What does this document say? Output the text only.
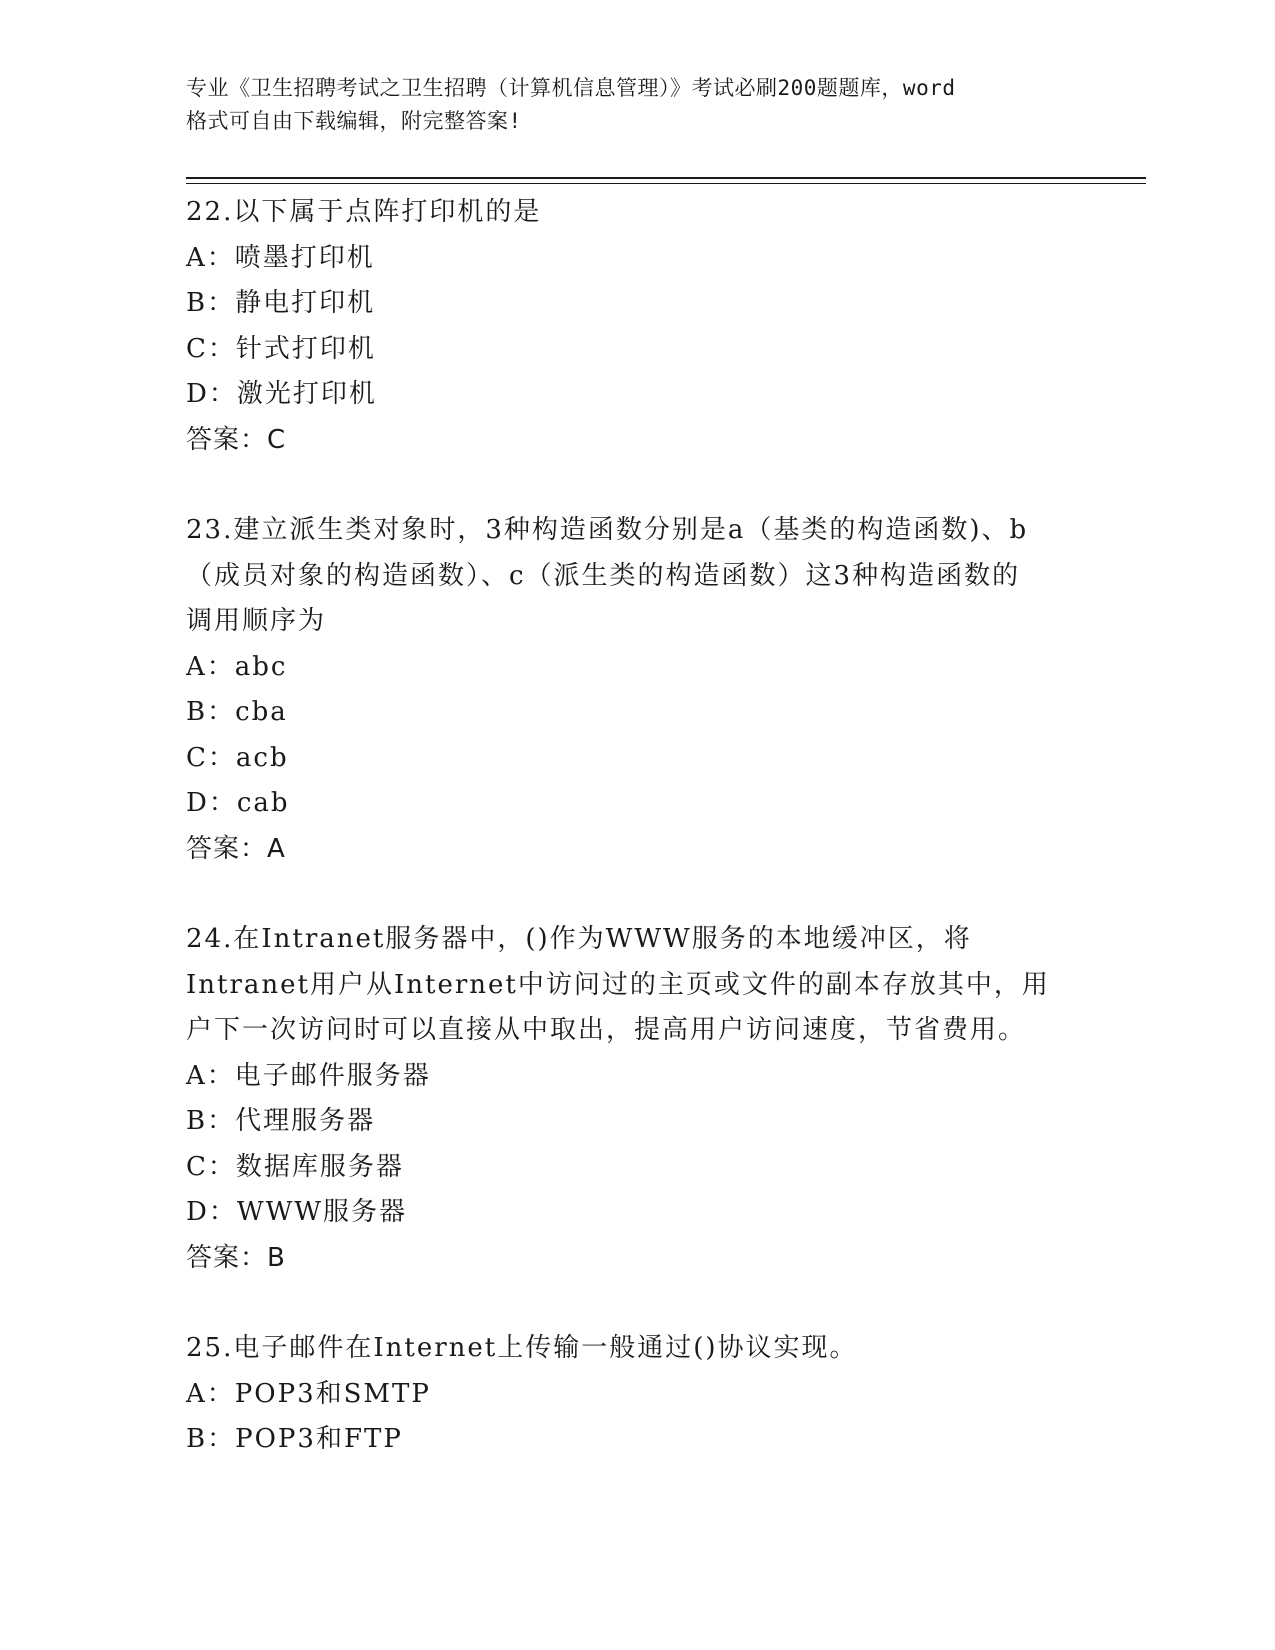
专业《卫生招聘考试之卫生招聘（计算机信息管理）》考试必刷200题题库，word
格式可自由下载编辑，附完整答案!
22.以下属于点阵打印机的是
A：喷墨打印机
B：静电打印机
C：针式打印机
D：激光打印机
答案：C
23.建立派生类对象时，3种构造函数分别是a（基类的构造函数)、b
（成员对象的构造函数）、c（派生类的构造函数）这3种构造函数的
调用顺序为
A：abc
B：cba
C：acb
D：cab
答案：A
24.在Intranet服务器中，()作为WWW服务的本地缓冲区，将
Intranet用户从Internet中访问过的主页或文件的副本存放其中，用
户下一次访问时可以直接从中取出，提高用户访问速度，节省费用。
A：电子邮件服务器
B：代理服务器
C：数据库服务器
D：WWW服务器
答案：B
25.电子邮件在Internet上传输一般通过()协议实现。
A：POP3和SMTP
B：POP3和FTP
